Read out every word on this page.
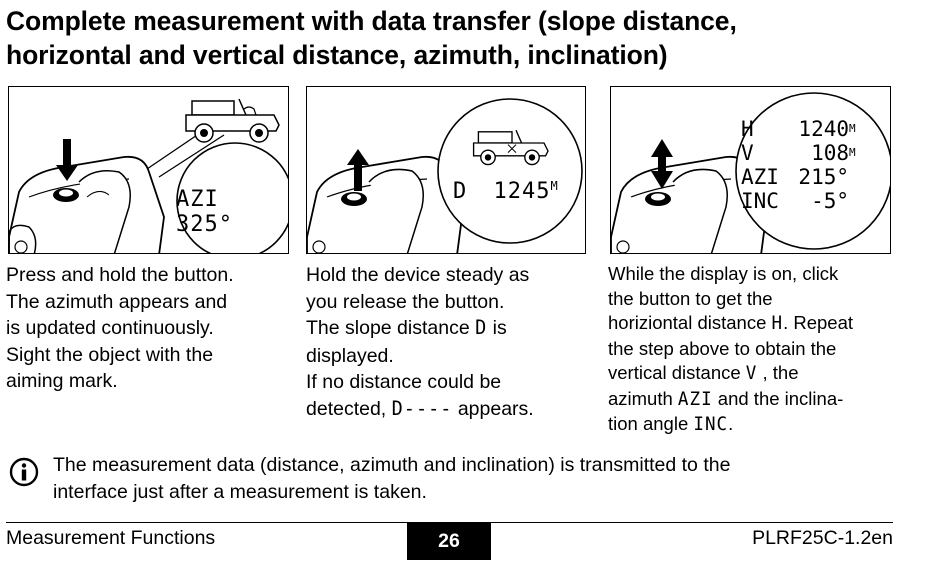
Complete measurement with data transfer (slope distance,
horizontal and vertical distance, azimuth, inclination)
AZI 325°
D $1245^M$
H $1240^M$
V	$108^M$
AZI 215°
INC -5°
Press and hold the button.
The azimuth appears and
is updated continuously.
Sight the object with the
aiming mark.
Hold the device steady as
you release the button.
The slope distance D is
displayed.
If no distance could be
detected, D---- appears.
While the display is on, click
the button to get the
horiziontal distance H. Repeat
the step above to obtain the
vertical distance V , the
azimuth AZI and the inclina-
tion angle INC.
The measurement data (distance, azimuth and inclination) is transmitted to the
interface just after a measurement is taken.
Measurement Functions	26	PLRF25C-1.2en
